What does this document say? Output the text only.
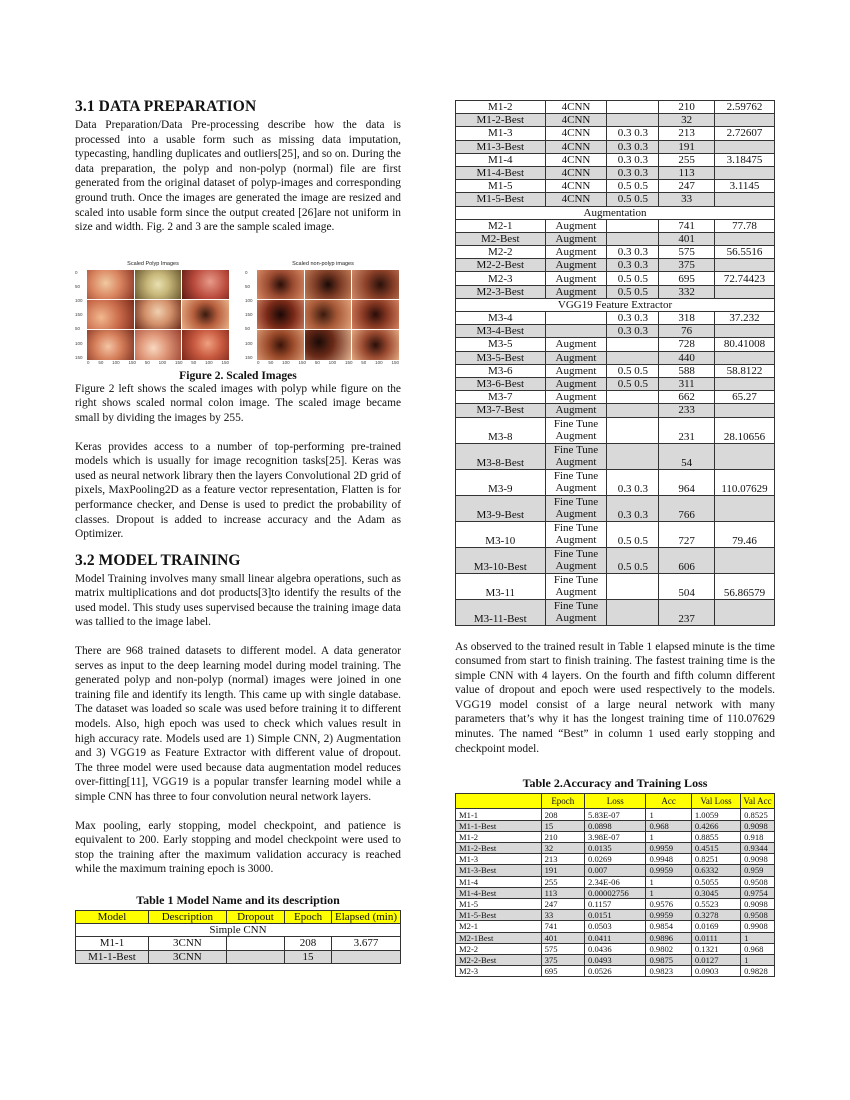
3.1 DATA PREPARATION

Data Preparation/Data Pre-processing describe how the data is processed into a usable form such as missing data imputation, typecasting, handling duplicates and outliers[25], and so on. During the data preparation, the polyp and non-polyp (normal) file are first generated from the original dataset of polyp-images and corresponding ground truth. Once the images are generated the image are resized and scaled into usable form since the output created [26]are not uniform in size and width. Fig. 2 and 3 are the sample scaled image.

Scaled Polyp Images
0
50
100
150
50
100
150
0 50 100 150 50 100 150 50 100 150
Scaled non-polyp images
0
50
100
150
50
100
150
0 50 100 150 50 100 150 50 100 150
Figure 2. Scaled Images

Figure 2 left shows the scaled images with polyp while figure on the right shows scaled normal colon image. The scaled image became small by dividing the images by 255.

Keras provides access to a number of top-performing pre-trained models which is usually for image recognition tasks[25]. Keras was used as neural network library then the layers Convolutional 2D grid of pixels, MaxPooling2D as a feature vector representation, Flatten is for performance checker, and Dense is used to predict the probability of classes. Dropout is added to increase accuracy and the Adam as Optimizer.

3.2 MODEL TRAINING

Model Training involves many small linear algebra operations, such as matrix multiplications and dot products[3]to identify the results of the used model. This study uses supervised because the training image data was tallied to the image label.

There are 968 trained datasets to different model. A data generator serves as input to the deep learning model during model training. The generated polyp and non-polyp (normal) images were joined in one training file and identify its length. This came up with single database. The dataset was loaded so scale was used before training it to different models. Also, high epoch was used to check which values result in high accuracy rate. Models used are 1) Simple CNN, 2) Augmentation and 3) VGG19 as Feature Extractor with different value of dropout. The three model were used because data augmentation model reduces over-fitting[11], VGG19 is a popular transfer learning model while a simple CNN has three to four convolution neural network layers.

Max pooling, early stopping, model checkpoint, and patience is equivalent to 200. Early stopping and model checkpoint were used to stop the training after the maximum validation accuracy is reached while the maximum training epoch is 3000.

Table 1 Model Name and its description
Model	Description	Dropout	Epoch	Elapsed (min)
Simple CNN				
M1-1	3CNN		208	3.677
M1-1-Best	3CNN		15	
M1-2	4CNN		210	2.59762
M1-2-Best	4CNN		32	
M1-3	4CNN	0.3 0.3	213	2.72607
M1-3-Best	4CNN	0.3 0.3	191	
M1-4	4CNN	0.3 0.3	255	3.18475
M1-4-Best	4CNN	0.3 0.3	113	
M1-5	4CNN	0.5 0.5	247	3.1145
M1-5-Best	4CNN	0.5 0.5	33	
Augmentation				
M2-1	Augment		741	77.78
M2-Best	Augment		401	
M2-2	Augment	0.3 0.3	575	56.5516
M2-2-Best	Augment	0.3 0.3	375	
M2-3	Augment	0.5 0.5	695	72.74423
M2-3-Best	Augment	0.5 0.5	332	
VGG19 Feature Extractor				
M3-4		0.3 0.3	318	37.232
M3-4-Best		0.3 0.3	76	
M3-5	Augment		728	80.41008
M3-5-Best	Augment		440	
M3-6	Augment	0.5 0.5	588	58.8122
M3-6-Best	Augment	0.5 0.5	311	
M3-7	Augment		662	65.27
M3-7-Best	Augment		233	
M3-8	Fine Tune
Augment		231	28.10656
M3-8-Best	Fine Tune
Augment		54	
M3-9	Fine Tune
Augment	0.3 0.3	964	110.07629
M3-9-Best	Fine Tune
Augment	0.3 0.3	766	
M3-10	Fine Tune
Augment	0.5 0.5	727	79.46
M3-10-Best	Fine Tune
Augment	0.5 0.5	606	
M3-11	Fine Tune
Augment		504	56.86579
M3-11-Best	Fine Tune
Augment		237	

As observed to the trained result in Table 1 elapsed minute is the time consumed from start to finish training. The fastest training time is the simple CNN with 4 layers. On the fourth and fifth column different value of dropout and epoch were used respectively to the models. VGG19 model consist of a large neural network with many parameters that’s why it has the longest training time of 110.07629 minutes. The named “Best” in column 1 used early stopping and checkpoint model.

Table 2.Accuracy and Training Loss
	Epoch	Loss	Acc	Val Loss	Val Acc
M1-1	208	5.83E-07	1	1.0059	0.8525
M1-1-Best	15	0.0898	0.968	0.4266	0.9098
M1-2	210	3.98E-07	1	0.8855	0.918
M1-2-Best	32	0.0135	0.9959	0.4515	0.9344
M1-3	213	0.0269	0.9948	0.8251	0.9098
M1-3-Best	191	0.007	0.9959	0.6332	0.959
M1-4	255	2.34E-06	1	0.5055	0.9508
M1-4-Best	113	0.00002756	1	0.3045	0.9754
M1-5	247	0.1157	0.9576	0.5523	0.9098
M1-5-Best	33	0.0151	0.9959	0.3278	0.9508
M2-1	741	0.0503	0.9854	0.0169	0.9908
M2-1Best	401	0.0411	0.9896	0.0111	1
M2-2	575	0.0436	0.9802	0.1321	0.968
M2-2-Best	375	0.0493	0.9875	0.0127	1
M2-3	695	0.0526	0.9823	0.0903	0.9828
